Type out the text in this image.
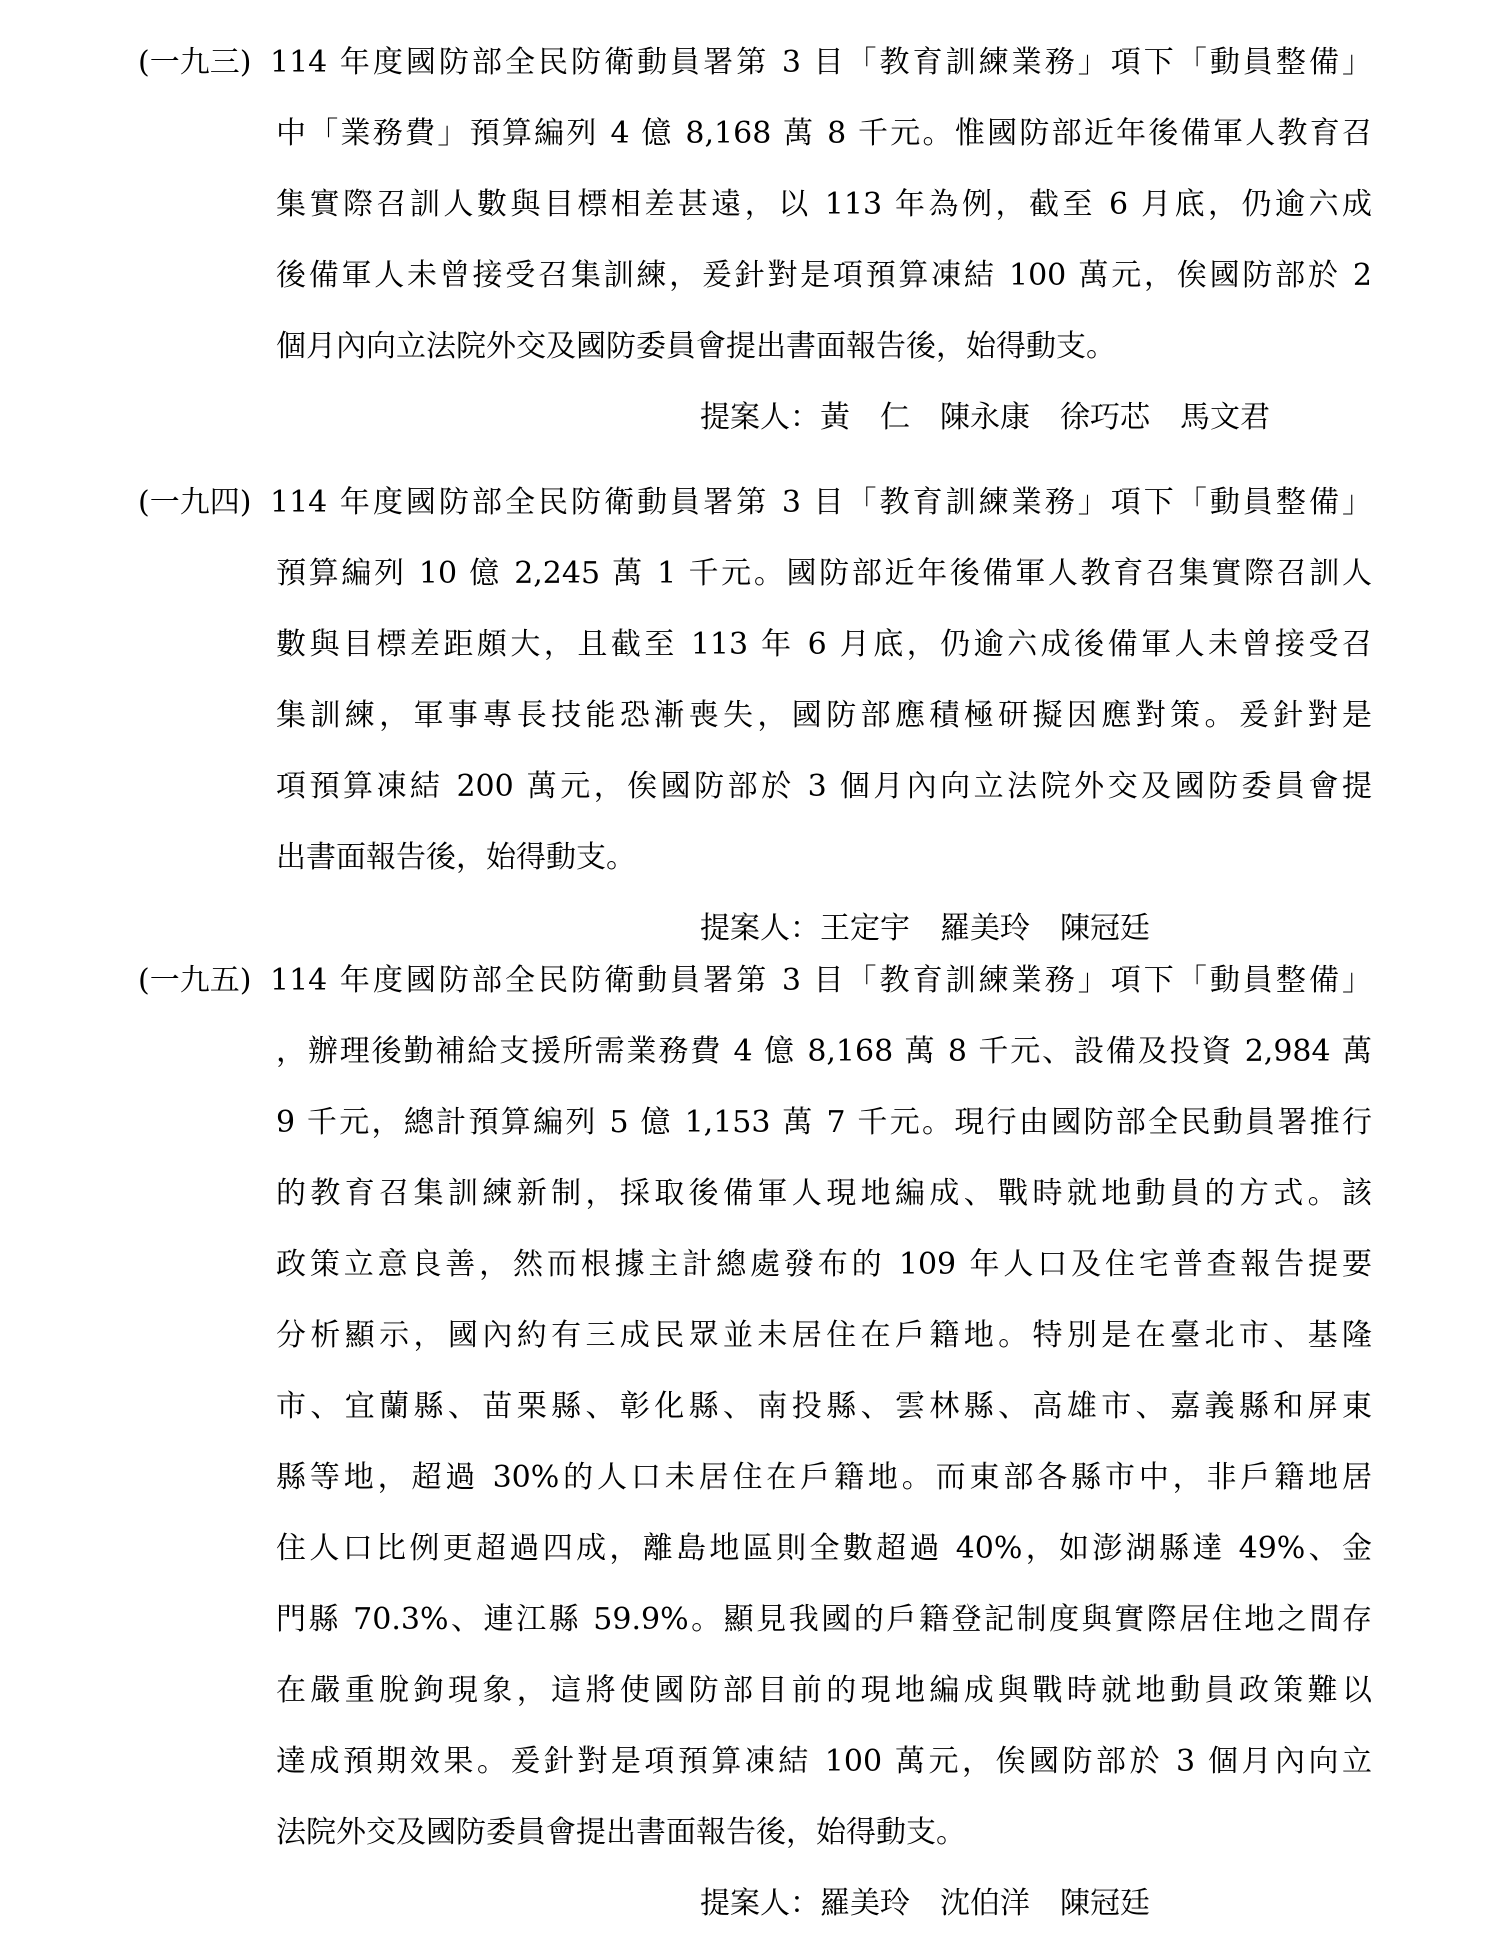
(一九三) 114 年度國防部全民防衛動員署第 3 目「教育訓練業務」項下「動員整備」
中「業務費」預算編列 4 億 8,168 萬 8 千元。惟國防部近年後備軍人教育召
集實際召訓人數與目標相差甚遠，以 113 年為例，截至 6 月底，仍逾六成
後備軍人未曾接受召集訓練，爰針對是項預算凍結 100 萬元，俟國防部於 2
個月內向立法院外交及國防委員會提出書面報告後，始得動支。
提案人：黃　仁　陳永康　徐巧芯　馬文君
(一九四) 114 年度國防部全民防衛動員署第 3 目「教育訓練業務」項下「動員整備」
預算編列 10 億 2,245 萬 1 千元。國防部近年後備軍人教育召集實際召訓人
數與目標差距頗大，且截至 113 年 6 月底，仍逾六成後備軍人未曾接受召
集訓練，軍事專長技能恐漸喪失，國防部應積極研擬因應對策。爰針對是
項預算凍結 200 萬元，俟國防部於 3 個月內向立法院外交及國防委員會提
出書面報告後，始得動支。
提案人：王定宇　羅美玲　陳冠廷
(一九五) 114 年度國防部全民防衛動員署第 3 目「教育訓練業務」項下「動員整備」
，辦理後勤補給支援所需業務費 4 億 8,168 萬 8 千元、設備及投資 2,984 萬
9 千元，總計預算編列 5 億 1,153 萬 7 千元。現行由國防部全民動員署推行
的教育召集訓練新制，採取後備軍人現地編成、戰時就地動員的方式。該
政策立意良善，然而根據主計總處發布的 109 年人口及住宅普查報告提要
分析顯示，國內約有三成民眾並未居住在戶籍地。特別是在臺北市、基隆
市、宜蘭縣、苗栗縣、彰化縣、南投縣、雲林縣、高雄市、嘉義縣和屏東
縣等地，超過 30%的人口未居住在戶籍地。而東部各縣市中，非戶籍地居
住人口比例更超過四成，離島地區則全數超過 40%，如澎湖縣達 49%、金
門縣 70.3%、連江縣 59.9%。顯見我國的戶籍登記制度與實際居住地之間存
在嚴重脫鉤現象，這將使國防部目前的現地編成與戰時就地動員政策難以
達成預期效果。爰針對是項預算凍結 100 萬元，俟國防部於 3 個月內向立
法院外交及國防委員會提出書面報告後，始得動支。
提案人：羅美玲　沈伯洋　陳冠廷
